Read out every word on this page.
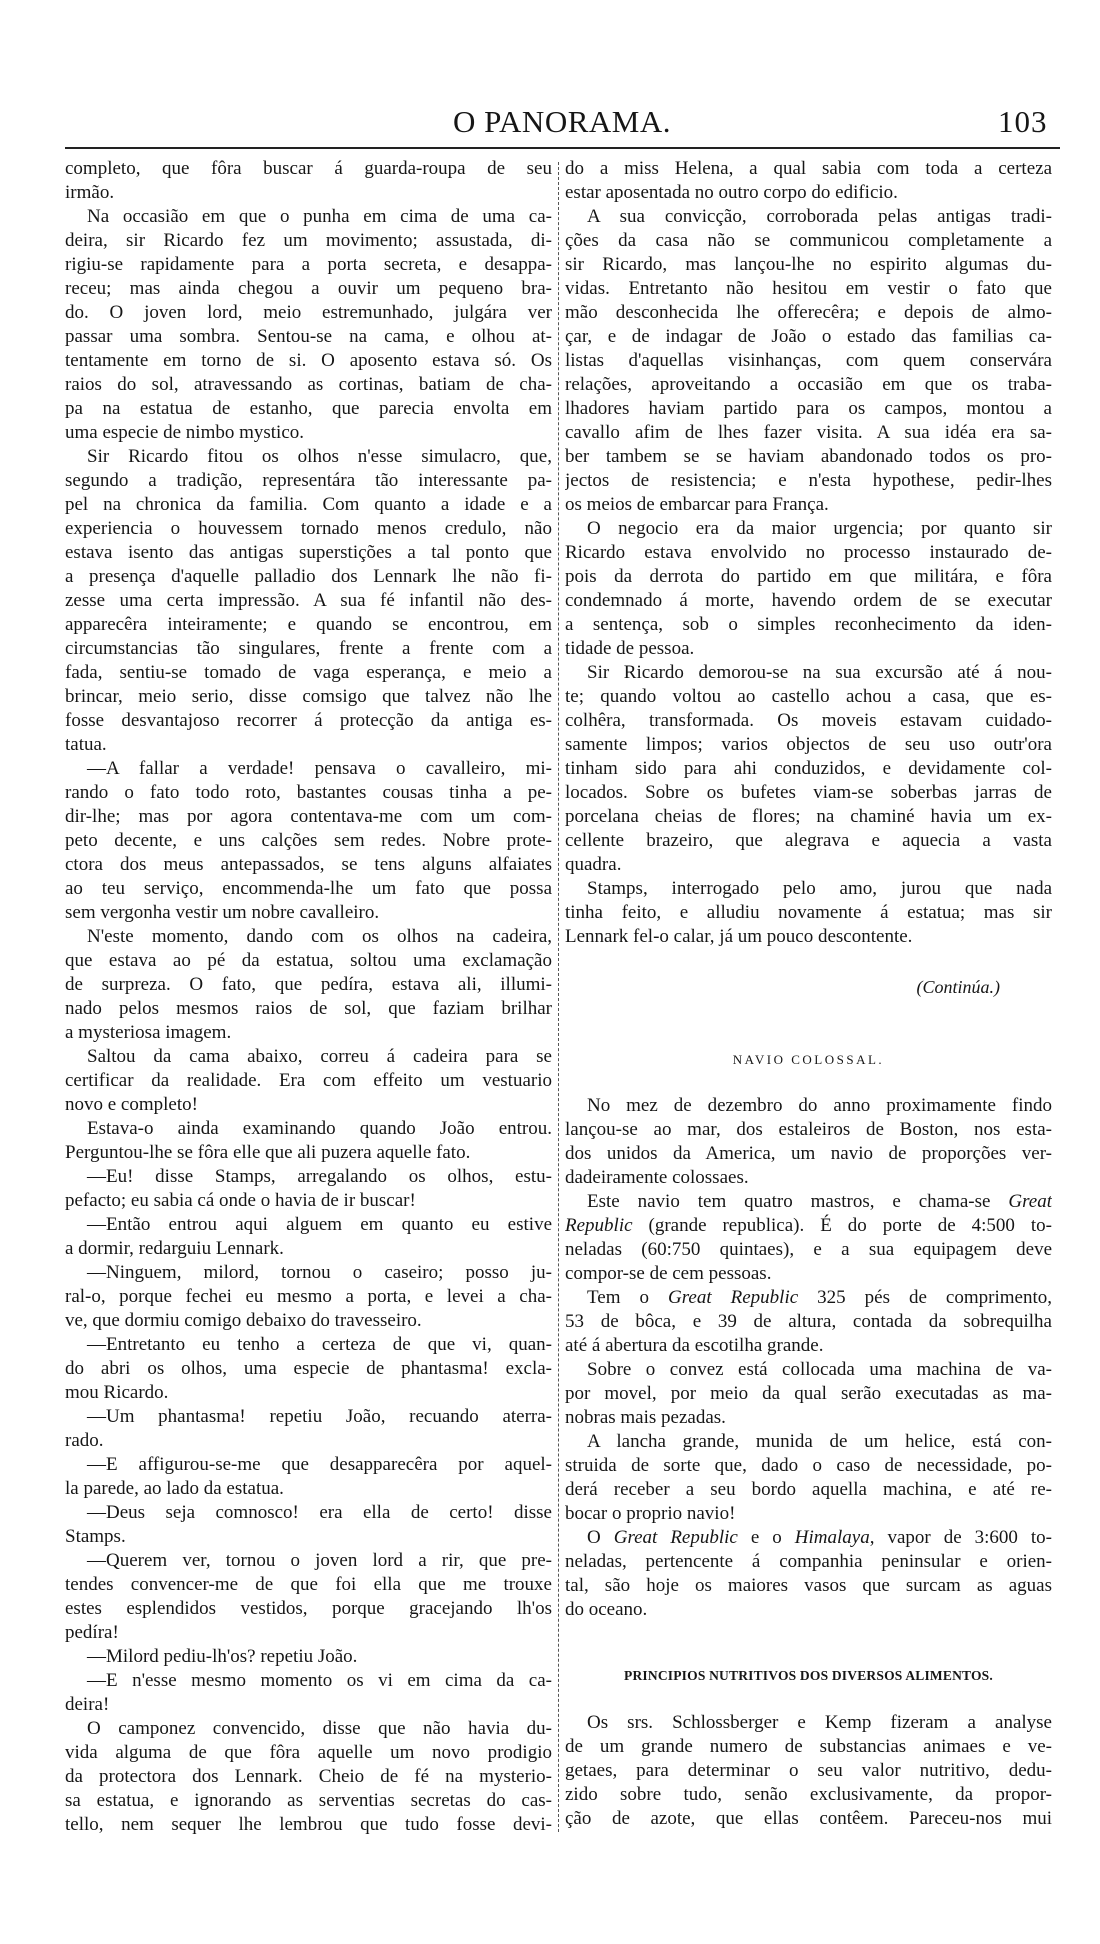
O PANORAMA.	103
completo, que fôra buscar á guarda-roupa de seu
irmão.
Na occasião em que o punha em cima de uma ca-
deira, sir Ricardo fez um movimento; assustada, di-
rigiu-se rapidamente para a porta secreta, e desappa-
receu; mas ainda chegou a ouvir um pequeno bra-
do. O joven lord, meio estremunhado, julgára ver
passar uma sombra. Sentou-se na cama, e olhou at-
tentamente em torno de si. O aposento estava só. Os
raios do sol, atravessando as cortinas, batiam de cha-
pa na estatua de estanho, que parecia envolta em
uma especie de nimbo mystico.
Sir Ricardo fitou os olhos n'esse simulacro, que,
segundo a tradição, representára tão interessante pa-
pel na chronica da familia. Com quanto a idade e a
experiencia o houvessem tornado menos credulo, não
estava isento das antigas superstições a tal ponto que
a presença d'aquelle palladio dos Lennark lhe não fi-
zesse uma certa impressão. A sua fé infantil não des-
apparecêra inteiramente; e quando se encontrou, em
circumstancias tão singulares, frente a frente com a
fada, sentiu-se tomado de vaga esperança, e meio a
brincar, meio serio, disse comsigo que talvez não lhe
fosse desvantajoso recorrer á protecção da antiga es-
tatua.
—A fallar a verdade! pensava o cavalleiro, mi-
rando o fato todo roto, bastantes cousas tinha a pe-
dir-lhe; mas por agora contentava-me com um com-
peto decente, e uns calções sem redes. Nobre prote-
ctora dos meus antepassados, se tens alguns alfaiates
ao teu serviço, encommenda-lhe um fato que possa
sem vergonha vestir um nobre cavalleiro.
N'este momento, dando com os olhos na cadeira,
que estava ao pé da estatua, soltou uma exclamação
de surpreza. O fato, que pedíra, estava ali, illumi-
nado pelos mesmos raios de sol, que faziam brilhar
a mysteriosa imagem.
Saltou da cama abaixo, correu á cadeira para se
certificar da realidade. Era com effeito um vestuario
novo e completo!
Estava-o ainda examinando quando João entrou.
Perguntou-lhe se fôra elle que ali puzera aquelle fato.
—Eu! disse Stamps, arregalando os olhos, estu-
pefacto; eu sabia cá onde o havia de ir buscar!
—Então entrou aqui alguem em quanto eu estive
a dormir, redarguiu Lennark.
—Ninguem, milord, tornou o caseiro; posso ju-
ral-o, porque fechei eu mesmo a porta, e levei a cha-
ve, que dormiu comigo debaixo do travesseiro.
—Entretanto eu tenho a certeza de que vi, quan-
do abri os olhos, uma especie de phantasma! excla-
mou Ricardo.
—Um phantasma! repetiu João, recuando aterra-
rado.
—E affigurou-se-me que desapparecêra por aquel-
la parede, ao lado da estatua.
—Deus seja comnosco! era ella de certo! disse
Stamps.
—Querem ver, tornou o joven lord a rir, que pre-
tendes convencer-me de que foi ella que me trouxe
estes esplendidos vestidos, porque gracejando lh'os
pedíra!
—Milord pediu-lh'os? repetiu João.
—E n'esse mesmo momento os vi em cima da ca-
deira!
O camponez convencido, disse que não havia du-
vida alguma de que fôra aquelle um novo prodigio
da protectora dos Lennark. Cheio de fé na mysterio-
sa estatua, e ignorando as serventias secretas do cas-
tello, nem sequer lhe lembrou que tudo fosse devi-
do a miss Helena, a qual sabia com toda a certeza
estar aposentada no outro corpo do edificio.
A sua convicção, corroborada pelas antigas tradi-
ções da casa não se communicou completamente a
sir Ricardo, mas lançou-lhe no espirito algumas du-
vidas. Entretanto não hesitou em vestir o fato que
mão desconhecida lhe offerecêra; e depois de almo-
çar, e de indagar de João o estado das familias ca-
listas d'aquellas visinhanças, com quem conservára
relações, aproveitando a occasião em que os traba-
lhadores haviam partido para os campos, montou a
cavallo afim de lhes fazer visita. A sua idéa era sa-
ber tambem se se haviam abandonado todos os pro-
jectos de resistencia; e n'esta hypothese, pedir-lhes
os meios de embarcar para França.
O negocio era da maior urgencia; por quanto sir
Ricardo estava envolvido no processo instaurado de-
pois da derrota do partido em que militára, e fôra
condemnado á morte, havendo ordem de se executar
a sentença, sob o simples reconhecimento da iden-
tidade de pessoa.
Sir Ricardo demorou-se na sua excursão até á nou-
te; quando voltou ao castello achou a casa, que es-
colhêra, transformada. Os moveis estavam cuidado-
samente limpos; varios objectos de seu uso outr'ora
tinham sido para ahi conduzidos, e devidamente col-
locados. Sobre os bufetes viam-se soberbas jarras de
porcelana cheias de flores; na chaminé havia um ex-
cellente brazeiro, que alegrava e aquecia a vasta
quadra.
Stamps, interrogado pelo amo, jurou que nada
tinha feito, e alludiu novamente á estatua; mas sir
Lennark fel-o calar, já um pouco descontente.
(Continúa.)
NAVIO COLOSSAL.
No mez de dezembro do anno proximamente findo
lançou-se ao mar, dos estaleiros de Boston, nos esta-
dos unidos da America, um navio de proporções ver-
dadeiramente colossaes.
Este navio tem quatro mastros, e chama-se Great
Republic (grande republica). É do porte de 4:500 to-
neladas (60:750 quintaes), e a sua equipagem deve
compor-se de cem pessoas.
Tem o Great Republic 325 pés de comprimento,
53 de bôca, e 39 de altura, contada da sobrequilha
até á abertura da escotilha grande.
Sobre o convez está collocada uma machina de va-
por movel, por meio da qual serão executadas as ma-
nobras mais pezadas.
A lancha grande, munida de um helice, está con-
struida de sorte que, dado o caso de necessidade, po-
derá receber a seu bordo aquella machina, e até re-
bocar o proprio navio!
O Great Republic e o Himalaya, vapor de 3:600 to-
neladas, pertencente á companhia peninsular e orien-
tal, são hoje os maiores vasos que surcam as aguas
do oceano.
PRINCIPIOS NUTRITIVOS DOS DIVERSOS ALIMENTOS.
Os srs. Schlossberger e Kemp fizeram a analyse
de um grande numero de substancias animaes e ve-
getaes, para determinar o seu valor nutritivo, dedu-
zido sobre tudo, senão exclusivamente, da propor-
ção de azote, que ellas contêem. Pareceu-nos mui
